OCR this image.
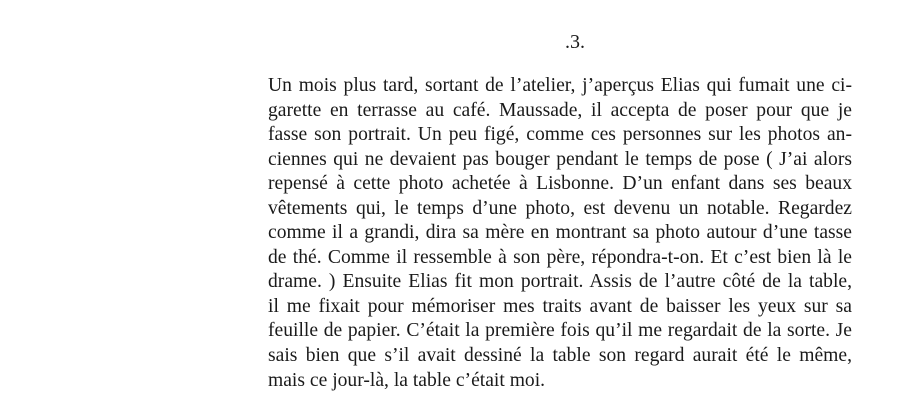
.3.
Un mois plus tard, sortant de l’atelier, j’aperçus Elias qui fumait une ci-
garette en terrasse au café. Maussade, il accepta de poser pour que je
fasse son portrait. Un peu figé, comme ces personnes sur les photos an-
ciennes qui ne devaient pas bouger pendant le temps de pose ( J’ai alors
repensé à cette photo achetée à Lisbonne. D’un enfant dans ses beaux
vêtements qui, le temps d’une photo, est devenu un notable. Regardez
comme il a grandi, dira sa mère en montrant sa photo autour d’une tasse
de thé. Comme il ressemble à son père, répondra-t-on. Et c’est bien là le
drame. ) Ensuite Elias fit mon portrait. Assis de l’autre côté de la table,
il me fixait pour mémoriser mes traits avant de baisser les yeux sur sa
feuille de papier. C’était la première fois qu’il me regardait de la sorte. Je
sais bien que s’il avait dessiné la table son regard aurait été le même,
mais ce jour-là, la table c’était moi.
